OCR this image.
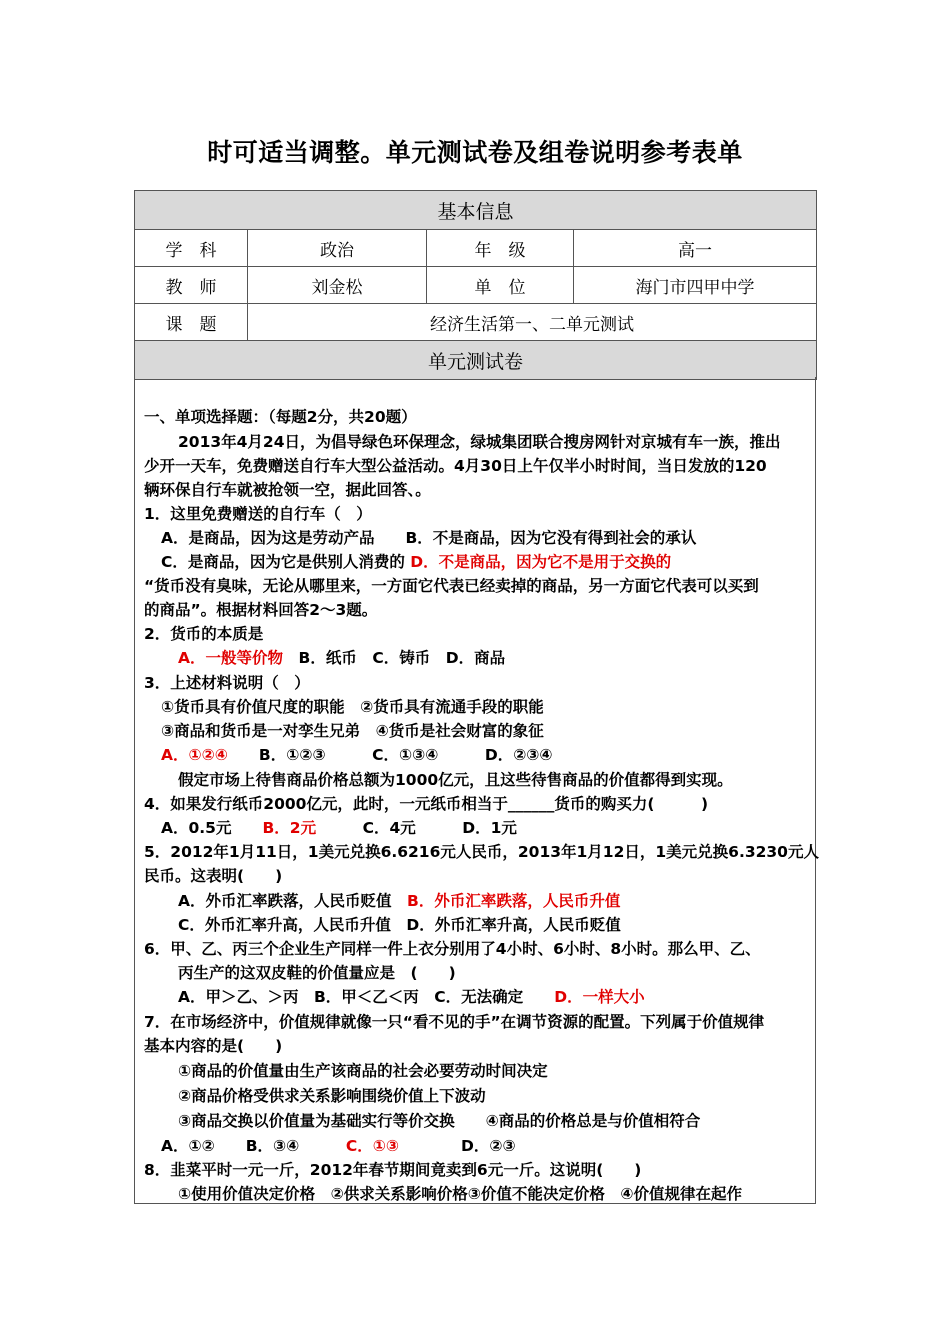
时可适当调整。单元测试卷及组卷说明参考表单
基本信息			
学　科	政治	年　级	高一
教　师	刘金松	单　位	海门市四甲中学
课　题	经济生活第一、二单元测试		
单元测试卷			
一、单项选择题：（每题2分，共20题）
2013年4月24日，为倡导绿色环保理念，绿城集团联合搜房网针对京城有车一族，推出
少开一天车，免费赠送自行车大型公益活动。4月30日上午仅半小时时间，当日发放的120
辆环保自行车就被抢领一空，据此回答、。
1．这里免费赠送的自行车（　）
A．是商品，因为这是劳动产品　　B．不是商品，因为它没有得到社会的承认
C．是商品，因为它是供别人消费的 D．不是商品，因为它不是用于交换的
“货币没有臭味，无论从哪里来，一方面它代表已经卖掉的商品，另一方面它代表可以买到
的商品”。根据材料回答2～3题。
2．货币的本质是
A．一般等价物　 B．纸币　C．铸币　D．商品
3．上述材料说明（　）
①货币具有价值尺度的职能　②货币具有流通手段的职能
③商品和货币是一对孪生兄弟　④货币是社会财富的象征
A．①②④　　 B．①②③　　　C．①③④　　　D．②③④
假定市场上待售商品价格总额为1000亿元，且这些待售商品的价值都得到实现。
4．如果发行纸币2000亿元，此时，一元纸币相当于______货币的购买力(　　　)
A．0.5元　　 B．2元　　　	C．4元　　　D．1元
5．2012年1月11日，1美元兑换6.6216元人民币，2013年1月12日，1美元兑换6.3230元人
民币。这表明(　　)
A．外币汇率跌落，人民币贬值　 B．外币汇率跌落，人民币升值
C．外币汇率升高，人民币升值　D．外币汇率升高，人民币贬值
6．甲、乙、丙三个企业生产同样一件上衣分别用了4小时、6小时、8小时。那么甲、乙、
丙生产的这双皮鞋的价值量应是　(　　)
A．甲＞乙、＞丙　B．甲＜乙＜丙　C．无法确定　　 D．一样大小
7．在市场经济中，价值规律就像一只“看不见的手”在调节资源的配置。下列属于价值规律
基本内容的是(　　)
①商品的价值量由生产该商品的社会必要劳动时间决定
②商品价格受供求关系影响围绕价值上下波动
③商品交换以价值量为基础实行等价交换　　④商品的价格总是与价值相符合
A．①②　　B．③④　　　	C．①③　　　　	D．②③
8．韭菜平时一元一斤，2012年春节期间竟卖到6元一斤。这说明(　　)
①使用价值决定价格　②供求关系影响价格③价值不能决定价格　④价值规律在起作
